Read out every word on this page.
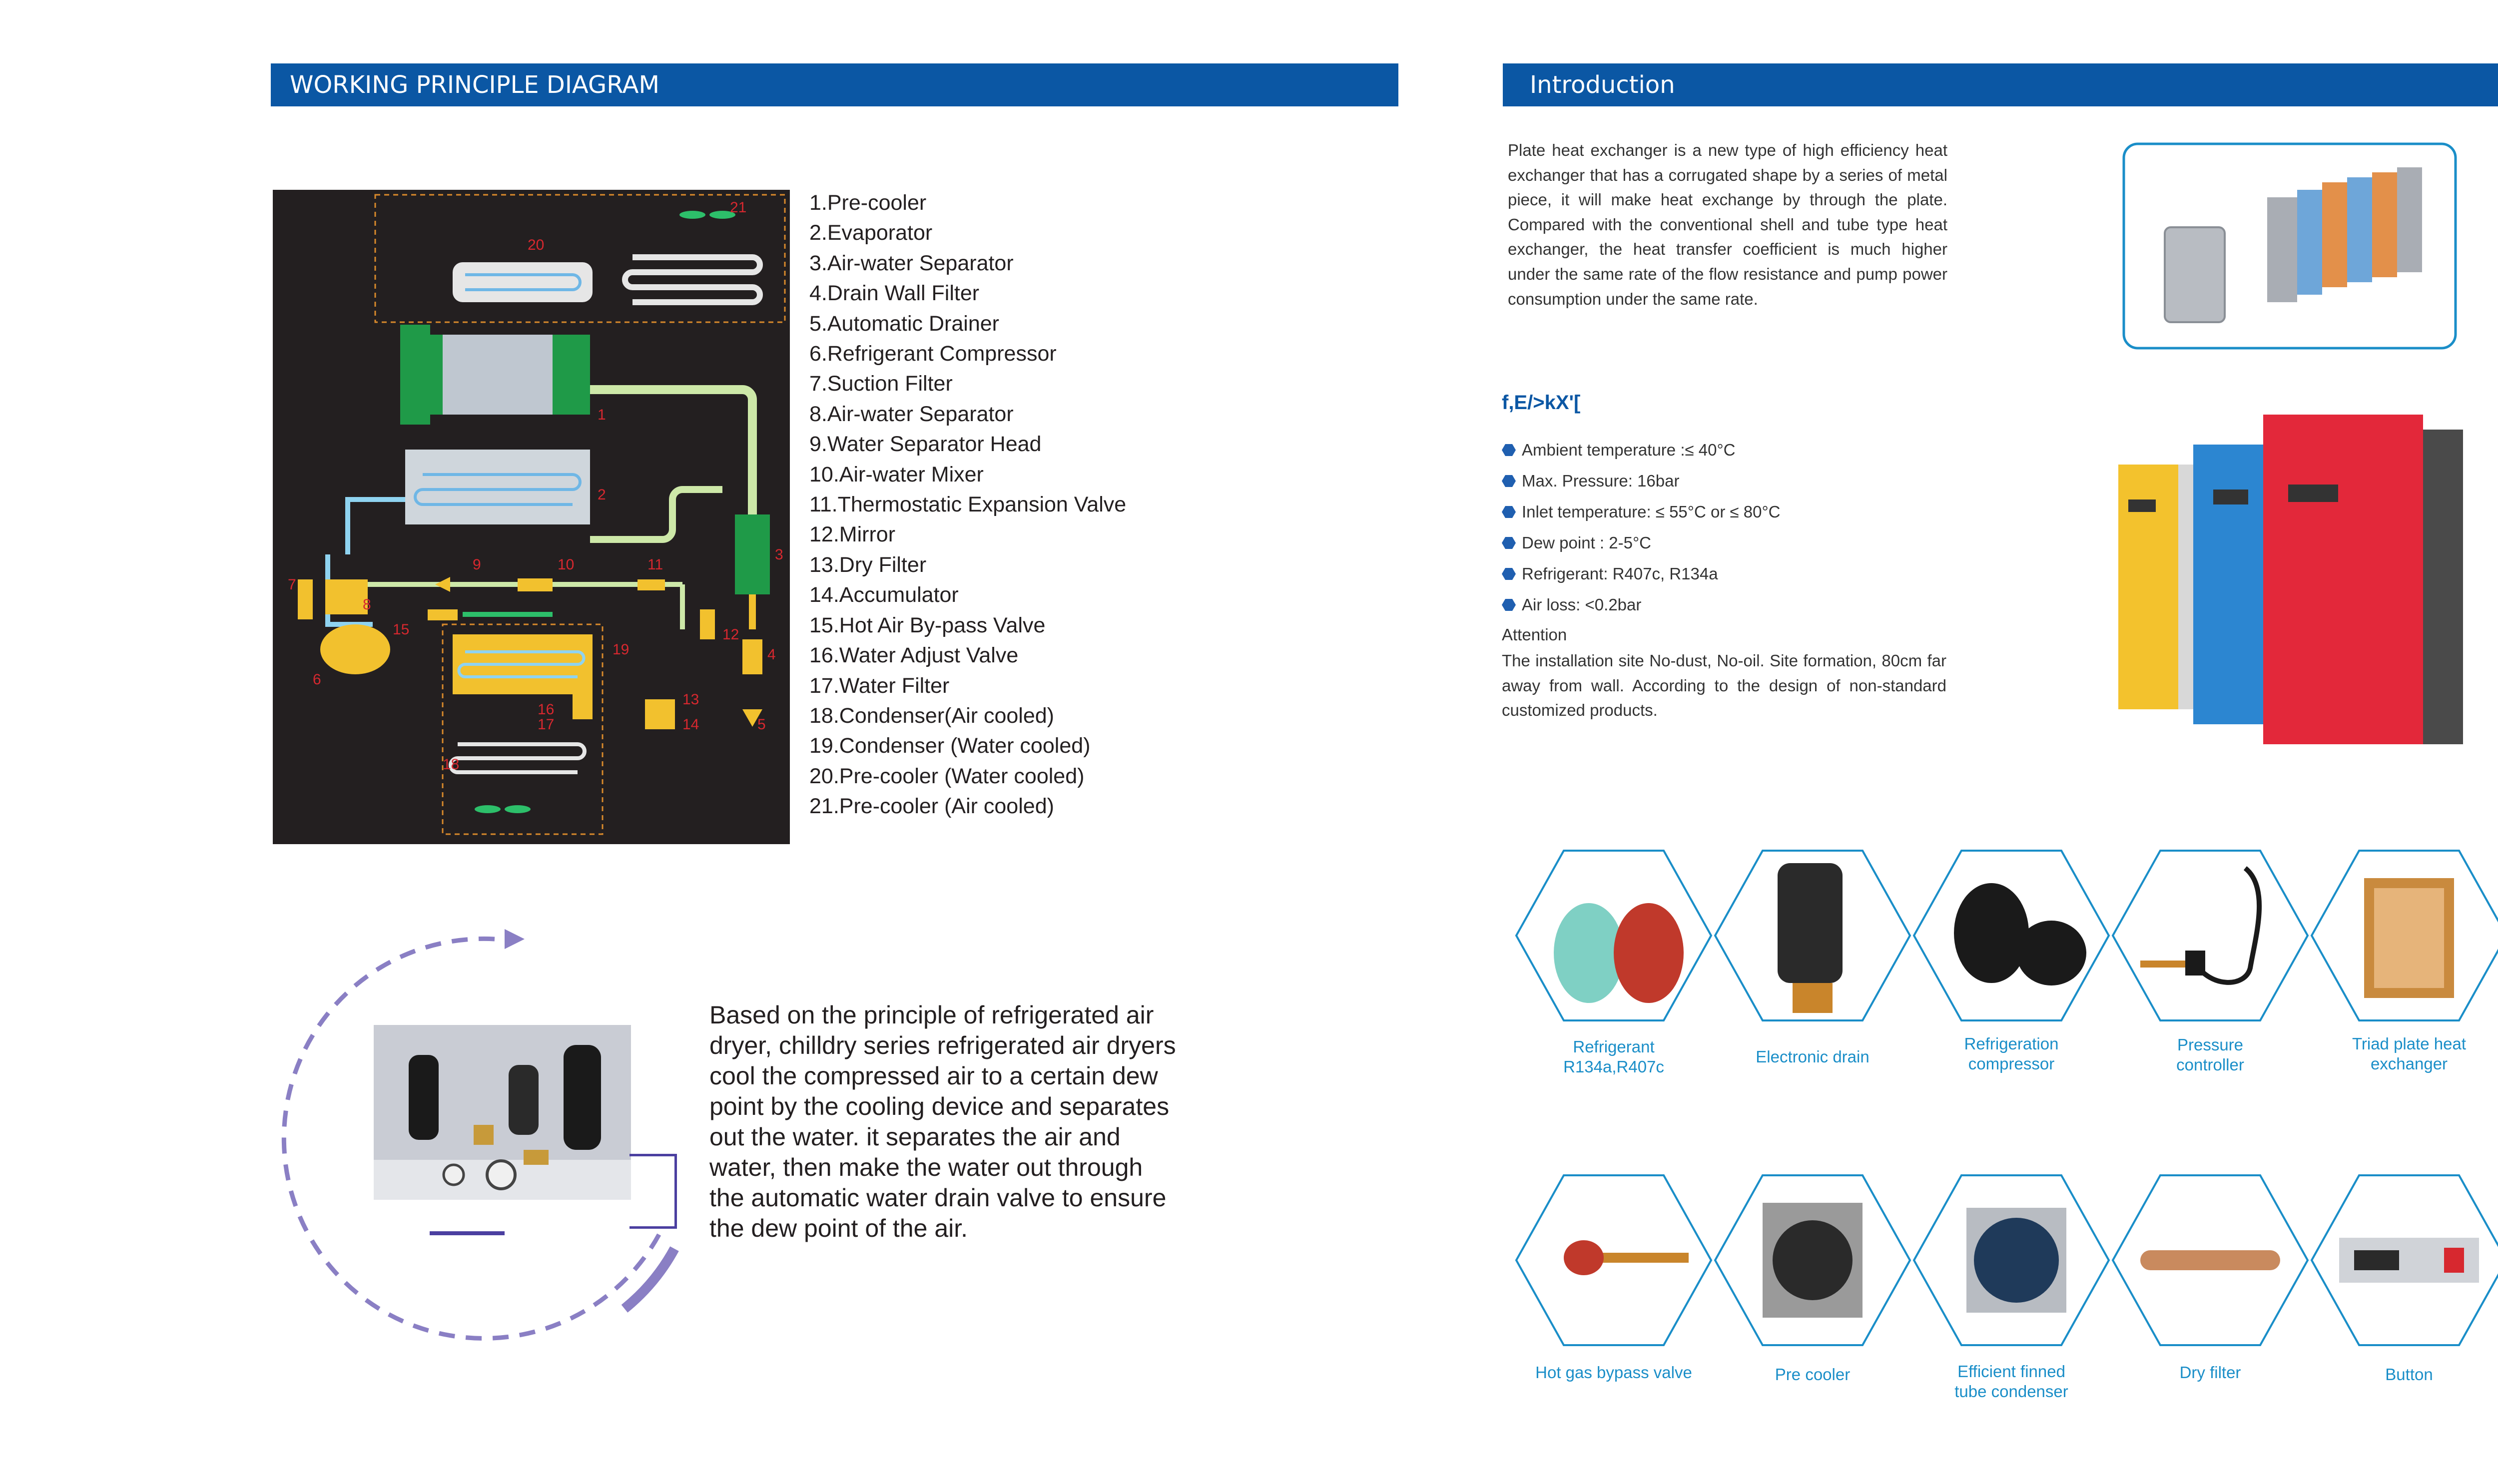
WORKING PRINCIPLE DIAGRAM
1
2
3
4
5
6
7
8
9	10	11
12
13
14
15
16
17
18
19
20
21	1.Pre-cooler
2.Evaporator
3.Air-water Separator
4.Drain Wall Filter
5.Automatic Drainer
6.Refrigerant Compressor
7.Suction Filter
8.Air-water Separator
9.Water Separator Head
10.Air-water Mixer
11.Thermostatic Expansion Valve
12.Mirror
13.Dry Filter
14.Accumulator
15.Hot Air By-pass Valve
16.Water Adjust Valve
17.Water Filter
18.Condenser(Air cooled)
19.Condenser (Water cooled)
20.Pre-cooler (Water cooled)
21.Pre-cooler (Air cooled)
Based on the principle of refrigerated air dryer, chilldry series refrigerated air dryers cool the compressed air to a certain dew point by the cooling device and separates out the water. it separates the air and water, then make the water out through the automatic water drain valve to ensure the dew point of the air.
Introduction
Plate heat exchanger is a new type of high efficiency heat exchanger that has a corrugated shape by a series of metal piece, it will make heat exchange by through the plate. Compared with the conventional shell and tube type heat exchanger, the heat transfer coefficient is much higher under the same rate of the flow resistance and pump power consumption under the same rate.
f,E/>kX'[
Ambient temperature :≤ 40°C
Max. Pressure: 16bar
Inlet temperature: ≤ 55°C or ≤ 80°C
Dew point : 2-5°C
Refrigerant: R407c, R134a
Air loss: <0.2bar
Attention
The installation site No-dust, No-oil. Site formation, 80cm far away from wall. According to the design of non-standard customized products.
Refrigerant
R134a,R407c
Electronic drain
Refrigeration
compressor
Pressure
controller
Triad plate heat
exchanger
Hot gas bypass valve	Pre cooler	Efficient finned
tube condenser
Dry filter	Button
